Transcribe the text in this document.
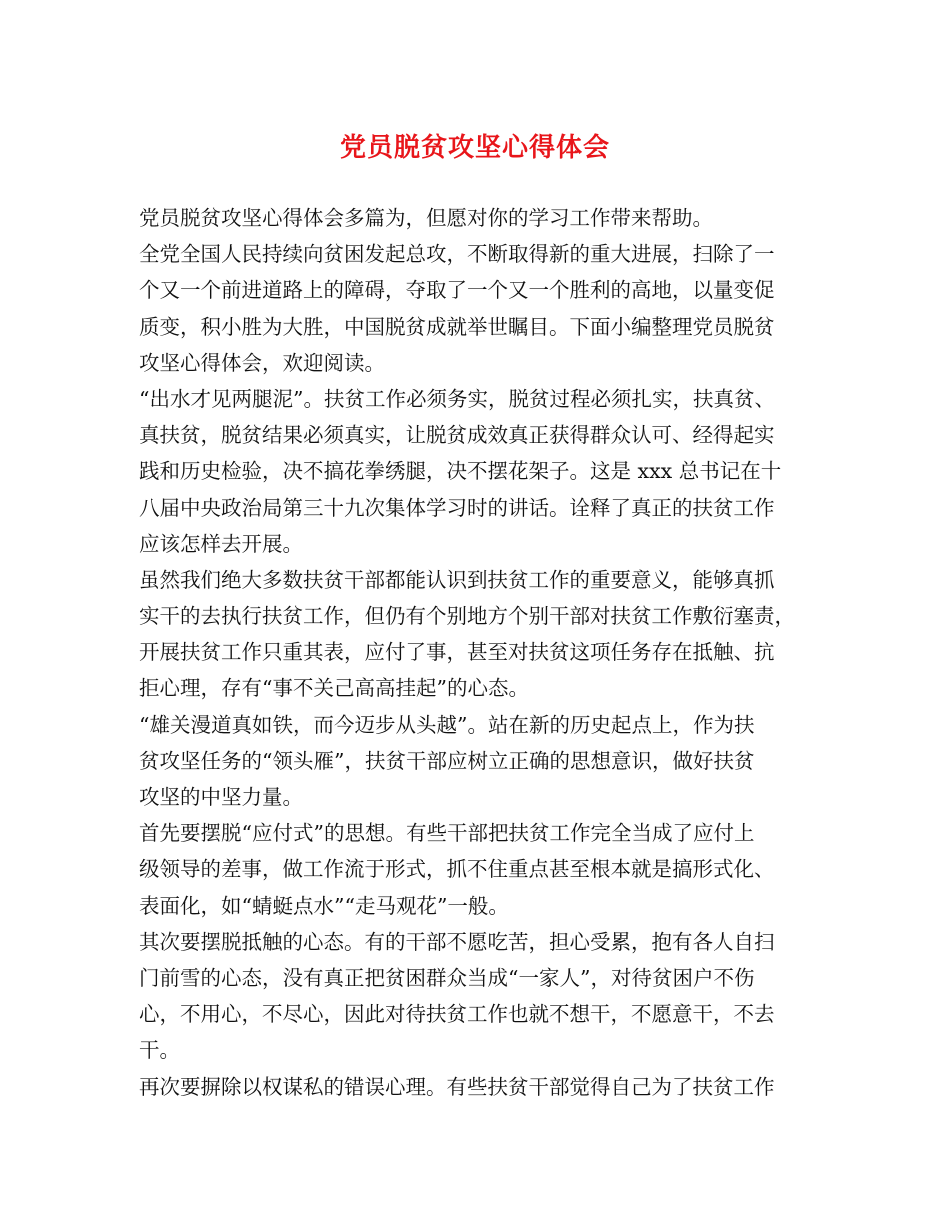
党员脱贫攻坚心得体会
党员脱贫攻坚心得体会多篇为，但愿对你的学习工作带来帮助。
全党全国人民持续向贫困发起总攻，不断取得新的重大进展，扫除了一
个又一个前进道路上的障碍，夺取了一个又一个胜利的高地，以量变促
质变，积小胜为大胜，中国脱贫成就举世瞩目。下面小编整理党员脱贫
攻坚心得体会，欢迎阅读。
“出水才见两腿泥”。扶贫工作必须务实，脱贫过程必须扎实，扶真贫、
真扶贫，脱贫结果必须真实，让脱贫成效真正获得群众认可、经得起实
践和历史检验，决不搞花拳绣腿，决不摆花架子。这是 xxx 总书记在十
八届中央政治局第三十九次集体学习时的讲话。诠释了真正的扶贫工作
应该怎样去开展。
虽然我们绝大多数扶贫干部都能认识到扶贫工作的重要意义，能够真抓
实干的去执行扶贫工作，但仍有个别地方个别干部对扶贫工作敷衍塞责，
开展扶贫工作只重其表，应付了事，甚至对扶贫这项任务存在抵触、抗
拒心理，存有“事不关己高高挂起”的心态。
“雄关漫道真如铁，而今迈步从头越”。站在新的历史起点上，作为扶
贫攻坚任务的“领头雁”，扶贫干部应树立正确的思想意识，做好扶贫
攻坚的中坚力量。
首先要摆脱“应付式”的思想。有些干部把扶贫工作完全当成了应付上
级领导的差事，做工作流于形式，抓不住重点甚至根本就是搞形式化、
表面化，如“蜻蜓点水”“走马观花”一般。
其次要摆脱抵触的心态。有的干部不愿吃苦，担心受累，抱有各人自扫
门前雪的心态，没有真正把贫困群众当成“一家人”，对待贫困户不伤
心，不用心，不尽心，因此对待扶贫工作也就不想干，不愿意干，不去
干。
再次要摒除以权谋私的错误心理。有些扶贫干部觉得自己为了扶贫工作
